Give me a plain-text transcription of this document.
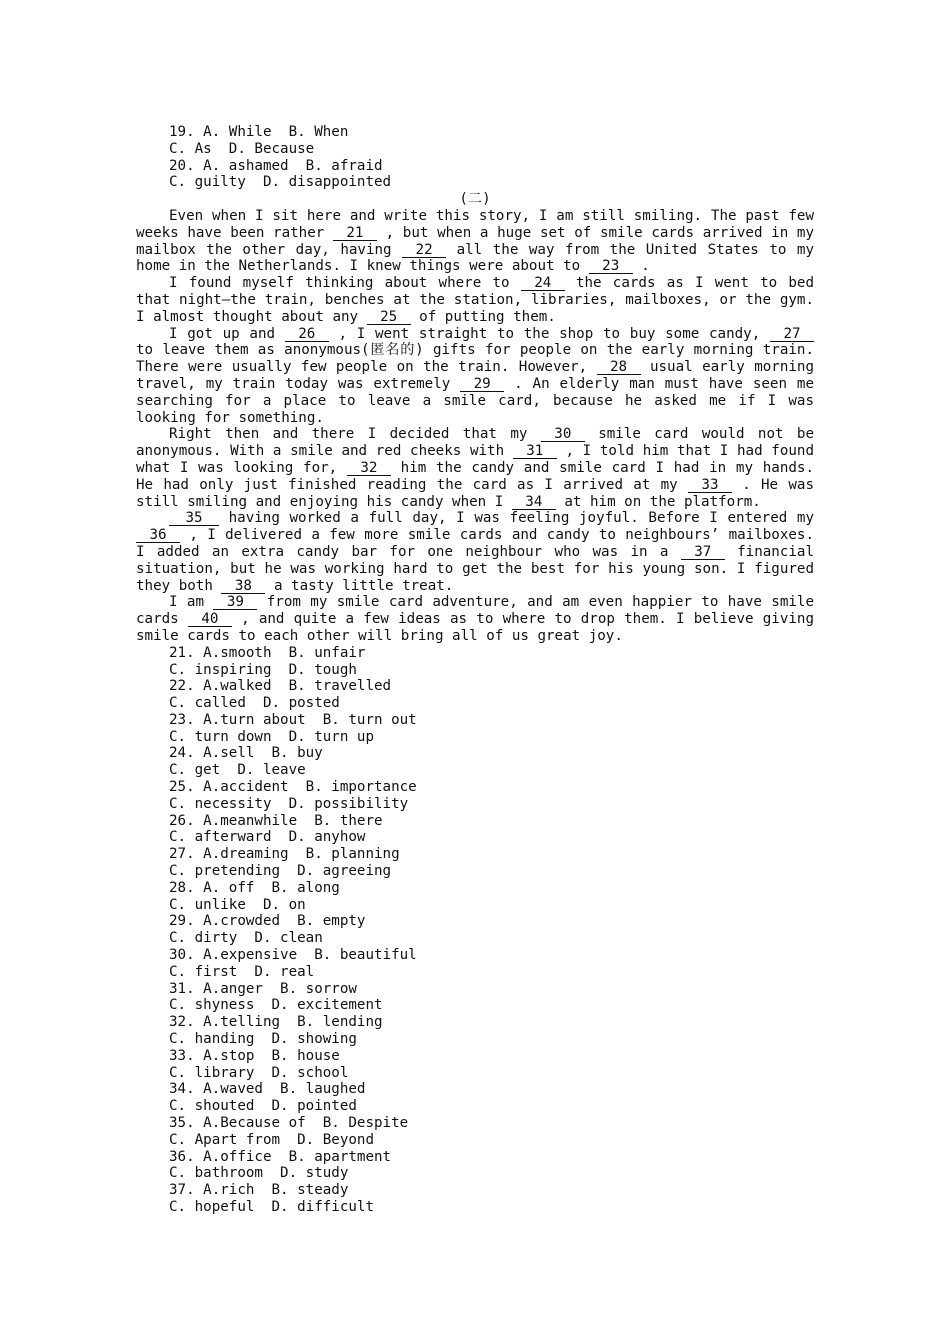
19. A. While  B. When
C. As  D. Because
20. A. ashamed  B. afraid
C. guilty  D. disappointed
(二)
Even when I sit here and write this story, I am still smiling. The past few weeks have been rather 21 , but when a huge set of smile cards arrived in my mailbox the other day, having 22 all the way from the United States to my home in the Netherlands. I knew things were about to 23 .
I found myself thinking about where to 24 the cards as I went to bed that night—the train, benches at the station, libraries, mailboxes, or the gym. I almost thought about any 25 of putting them.
I got up and 26 , I went straight to the shop to buy some candy, 27 to leave them as anonymous(匿名的) gifts for people on the early morning train. There were usually few people on the train. However, 28 usual early morning travel, my train today was extremely 29 . An elderly man must have seen me searching for a place to leave a smile card, because he asked me if I was looking for something.
Right then and there I decided that my 30 smile card would not be anonymous. With a smile and red cheeks with 31 , I told him that I had found what I was looking for, 32 him the candy and smile card I had in my hands. He had only just finished reading the card as I arrived at my 33 . He was still smiling and enjoying his candy when I 34 at him on the platform.
35 having worked a full day, I was feeling joyful. Before I entered my 36 , I delivered a few more smile cards and candy to neighbours’ mailboxes. I added an extra candy bar for one neighbour who was in a 37 financial situation, but he was working hard to get the best for his young son. I figured they both 38 a tasty little treat.
I am 39 from my smile card adventure, and am even happier to have smile cards 40 , and quite a few ideas as to where to drop them. I believe giving smile cards to each other will bring all of us great joy.
21. A.smooth  B. unfair
C. inspiring  D. tough
22. A.walked  B. travelled
C. called  D. posted
23. A.turn about  B. turn out
C. turn down  D. turn up
24. A.sell  B. buy
C. get  D. leave
25. A.accident  B. importance
C. necessity  D. possibility
26. A.meanwhile  B. there
C. afterward  D. anyhow
27. A.dreaming  B. planning
C. pretending  D. agreeing
28. A. off  B. along
C. unlike  D. on
29. A.crowded  B. empty
C. dirty  D. clean
30. A.expensive  B. beautiful
C. first  D. real
31. A.anger  B. sorrow
C. shyness  D. excitement
32. A.telling  B. lending
C. handing  D. showing
33. A.stop  B. house
C. library  D. school
34. A.waved  B. laughed
C. shouted  D. pointed
35. A.Because of  B. Despite
C. Apart from  D. Beyond
36. A.office  B. apartment
C. bathroom  D. study
37. A.rich  B. steady
C. hopeful  D. difficult
